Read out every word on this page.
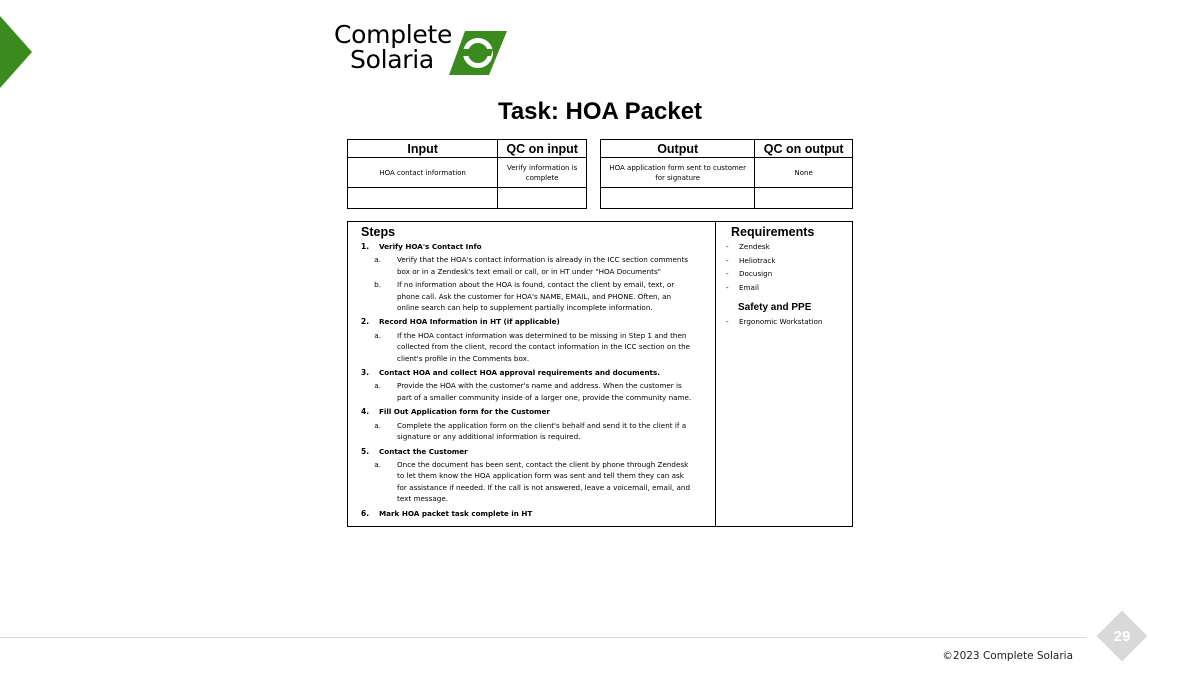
Complete
Solaria
Task: HOA Packet
Input	QC on input
HOA contact information	Verify information is complete

Output	QC on output
HOA application form sent to customer for signature	None

Steps
1.	Verify HOA's Contact Info
a.	Verify that the HOA's contact information is already in the ICC section comments box or in a Zendesk's text email or call, or in HT under "HOA Documents"
b.	If no information about the HOA is found, contact the client by email, text, or phone call. Ask the customer for HOA's NAME, EMAIL, and PHONE. Often, an online search can help to supplement partially incomplete information.
2.	Record HOA Information in HT (if applicable)
a.	If the HOA contact information was determined to be missing in Step 1 and then collected from the client, record the contact information in the ICC section on the client's profile in the Comments box.
3.	Contact HOA and collect HOA approval requirements and documents.
a.	Provide the HOA with the customer's name and address. When the customer is part of a smaller community inside of a larger one, provide the community name.
4.	Fill Out Application form for the Customer
a.	Complete the application form on the client's behalf and send it to the client if a signature or any additional information is required.
5.	Contact the Customer
a.	Once the document has been sent, contact the client by phone through Zendesk to let them know the HOA application form was sent and tell them they can ask for assistance if needed. If the call is not answered, leave a voicemail, email, and text message.
6.	Mark HOA packet task complete in HT
Requirements
-	Zendesk
-	Heliotrack
-	Docusign
-	Email
Safety and PPE
-	Ergonomic Workstation
29
©2023 Complete Solaria
